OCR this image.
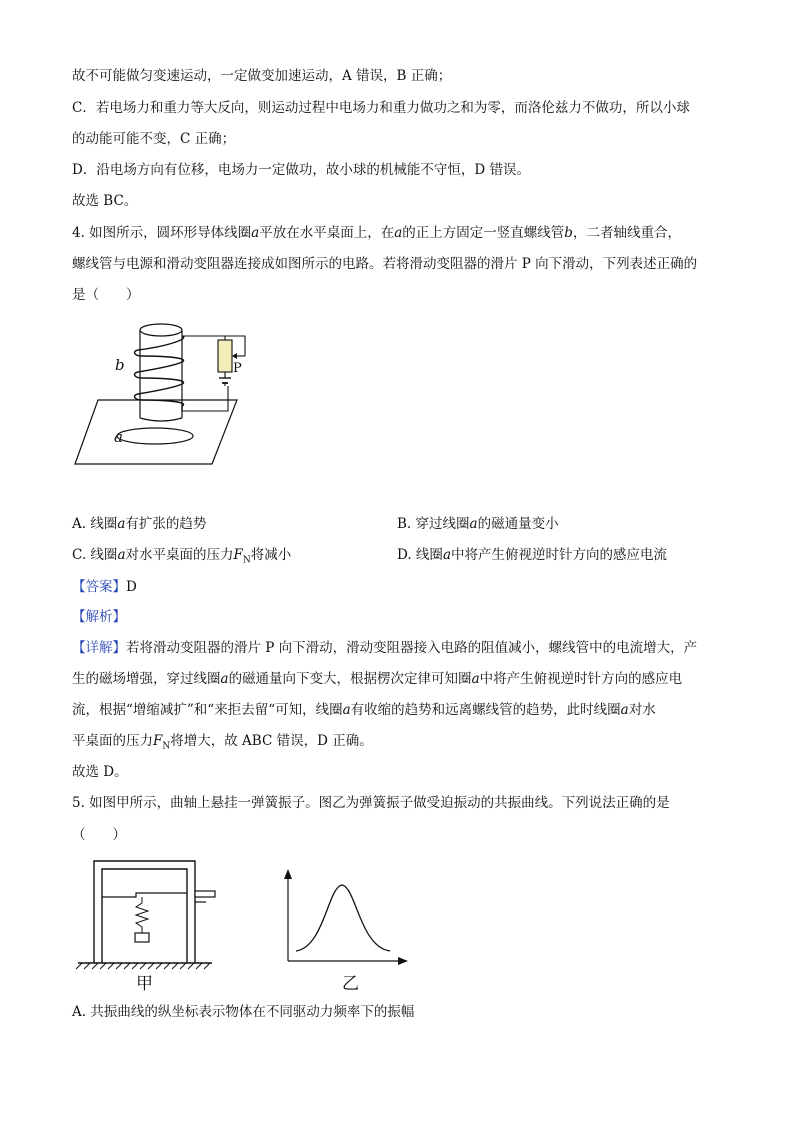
故不可能做匀变速运动，一定做变加速运动，A 错误，B 正确；
C．若电场力和重力等大反向，则运动过程中电场力和重力做功之和为零，而洛伦兹力不做功，所以小球
的动能可能不变，C 正确；
D．沿电场方向有位移，电场力一定做功，故小球的机械能不守恒，D 错误。
故选 BC。
4. 如图所示，圆环形导体线圈a平放在水平桌面上，在a的正上方固定一竖直螺线管b，二者轴线重合，
螺线管与电源和滑动变阻器连接成如图所示的电路。若将滑动变阻器的滑片 P 向下滑动，下列表述正确的
是（　　）
b	P
a
A. 线圈a有扩张的趋势	B. 穿过线圈a的磁通量变小
C. 线圈a对水平桌面的压力$F_N$将减小	D. 线圈a中将产生俯视逆时针方向的感应电流
【答案】D
【解析】
【详解】若将滑动变阻器的滑片 P 向下滑动，滑动变阻器接入电路的阻值减小，螺线管中的电流增大，产
生的磁场增强，穿过线圈a的磁通量向下变大，根据楞次定律可知圈a中将产生俯视逆时针方向的感应电
流，根据“增缩减扩”和“来拒去留“可知，线圈a有收缩的趋势和远离螺线管的趋势，此时线圈a对水
平桌面的压力$F_N$将增大，故 ABC 错误，D 正确。
故选 D。
5. 如图甲所示，曲轴上悬挂一弹簧振子。图乙为弹簧振子做受迫振动的共振曲线。下列说法正确的是
（　　）
甲	乙
A. 共振曲线的纵坐标表示物体在不同驱动力频率下的振幅
